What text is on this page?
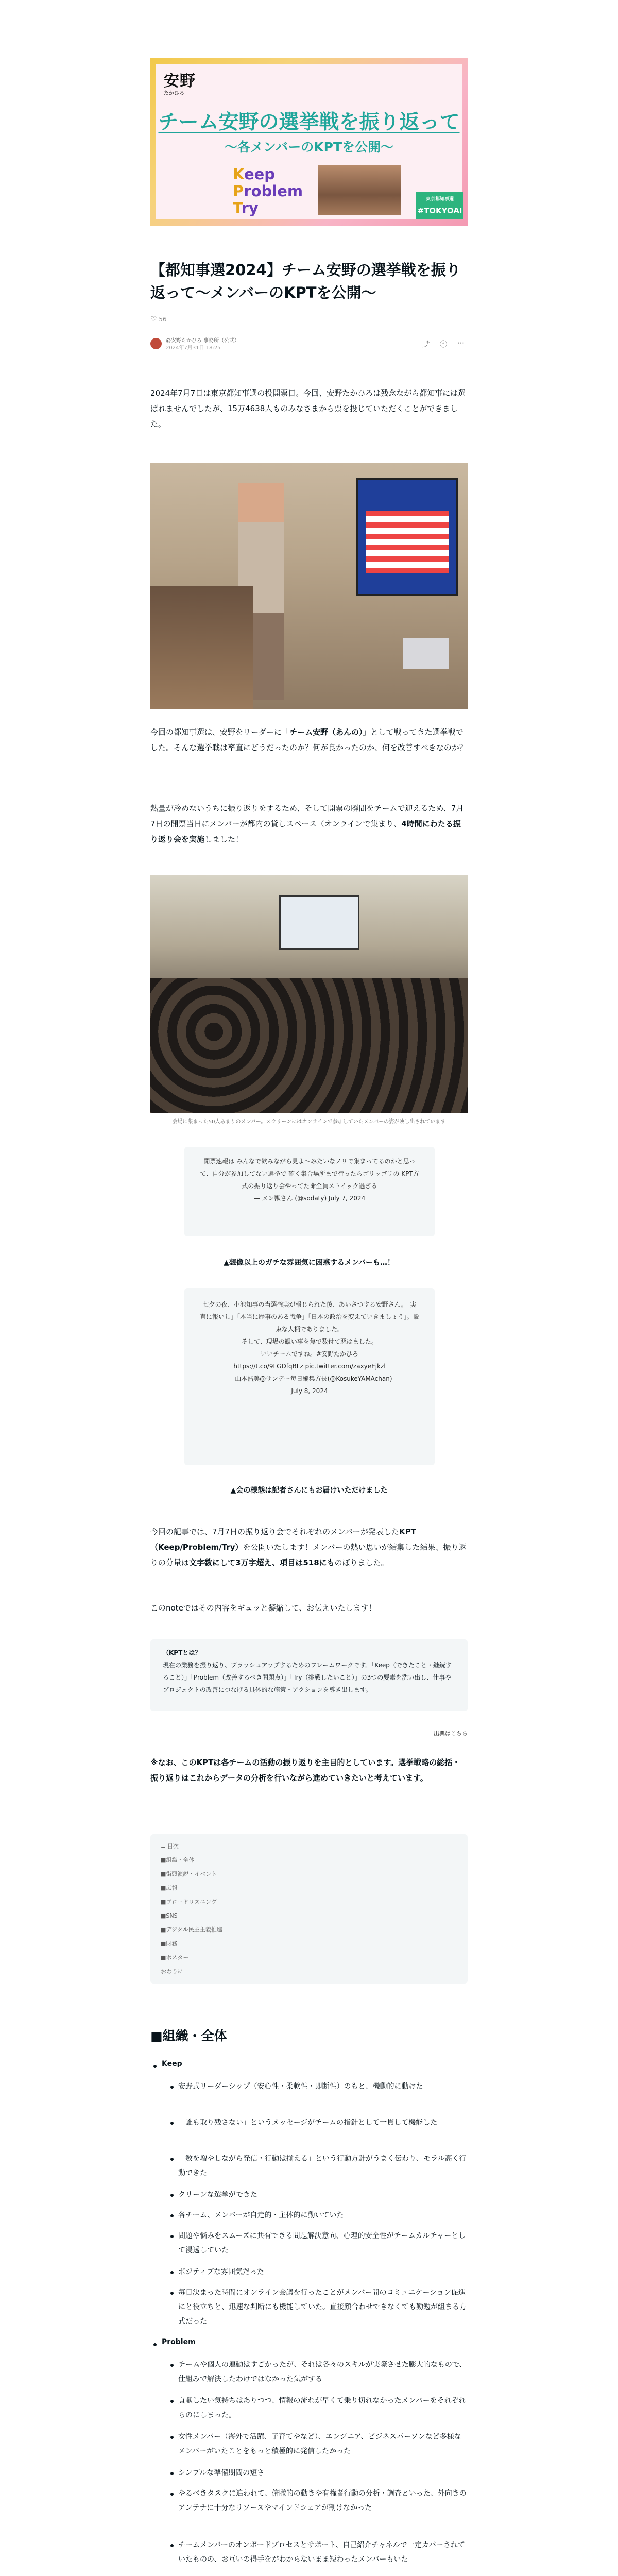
安野
たかひろ
チーム安野の選挙戦を振り返って
～各メンバーのKPTを公開～
Keep
Problem
Try	東京都知事選
#TOKYOAI
【都知事選2024】チーム安野の選挙戦を振り返って～メンバーのKPTを公開～
♡ 56
@安野たかひろ 事務所（公式）
2024年7月31日 18:25	⤴ ⓕ ⋯

2024年7月7日は東京都知事選の投開票日。今回、安野たかひろは残念ながら都知事には選ばれませんでしたが、15万4638人ものみなさまから票を投じていただくことができました。

今回の都知事選は、安野をリーダーに「チーム安野（あんの）」として戦ってきた選挙戦でした。そんな選挙戦は率直にどうだったのか？何が良かったのか、何を改善すべきなのか？

熱量が冷めないうちに振り返りをするため、そして開票の瞬間をチームで迎えるため、7月7日の開票当日にメンバーが都内の貸しスペース（オンラインで集まり、4時間にわたる振り返り会を実施しました！

会場に集まった50人あまりのメンバー。スクリーンにはオンラインで参加していたメンバーの姿が映し出されています
開票速報は みんなで飲みながら見よ〜みたいなノリで集まってるのかと思って、自分が参加してない選挙で 確く集合場所まで行ったらゴリッゴリの KPT方式の振り返り会やってた命全員ストイック過ぎる
— メン獣さん (@sodaty) July 7, 2024
▲想像以上のガチな雰囲気に困惑するメンバーも…！
七夕の夜、小池知事の当選確実が報じられた後、あいさつする安野さん。「実直に報いし」「本当に歴事のある戦争」「日本の政治を変えていきましょう」。説束な人柄でありました。
そして、現場の観い事を焦で数付て悪はました。
いいチームですね。#安野たかひろ
https://t.co/9LGDfqBLz pic.twitter.com/zaxyeEjkzl
— 山本浩美@サンデー毎日編集方長(@KosukeYAMAchan)
July 8, 2024
▲会の様態は記者さんにもお届けいただけました

今回の記事では、7月7日の振り返り会でそれぞれのメンバーが発表したKPT（Keep/Problem/Try）を公開いたします！メンバーの熱い思いが結集した結果、振り返りの分量は文字数にして3万字超え、項目は518にものぼりました。

このnoteではその内容をギュッと凝縮して、お伝えいたします！

（KPTとは？
現在の業務を振り返り、ブラッシュアップするためのフレームワークです。「Keep（できたこと・継続すること）」「Problem（改善するべき問題点）」「Try（挑戦したいこと）」の3つの要素を洗い出し、仕事やプロジェクトの改善につなげる具体的な施策・アクションを導き出します。
出典はこちら

※なお、このKPTは各チームの活動の振り返りを主目的としています。選挙戦略の総括・振り返りはこれからデータの分析を行いながら進めていきたいと考えています。

≡ 目次
■組織・全体
■街頭演説・イベント
■広報
■ブロードリスニング
■SNS
■デジタル民主主義推進
■財務
■ポスター
おわりに
■組織・全体
Keep
安野式リーダーシップ（安心性・柔軟性・即断性）のもと、機動的に動けた
「誰も取り残さない」というメッセージがチームの指針として一貫して機能した
「数を増やしながら発信・行動は揃える」という行動方針がうまく伝わり、モラル高く行動できた
クリーンな選挙ができた
各チーム、メンバーが自走的・主体的に動いていた
問題や悩みをスムーズに共有できる問題解決意向、心理的安全性がチームカルチャーとして浸透していた
ポジティブな雰囲気だった
毎日決まった時間にオンライン会議を行ったことがメンバー間のコミュニケーション促進にと役立ちと、迅速な判断にも機能していた。直接顔合わせできなくても勤勉が組まる方式だった
Problem
チームや個人の連動はすごかったが、それは各々のスキルが実際させた膨大的なもので、仕組みで解決したわけではなかった気がする
貢献したい気持ちはありつつ、情報の流れが早くて乗り切れなかったメンバーをそれぞれらのにしまった。
女性メンバー（海外で活躍、子育てやなど）、エンジニア、ビジネスパーソンなど多様なメンバーがいたことをもっと積極的に発信したかった
シンプルな準備期間の短さ
やるべきタスクに追われて、俯瞰的の動きや有権者行動の分析・調査といった、外向きのアンテナに十分なリソースやマインドシェアが割けなかった
チームメンバーのオンボードプロセスとサポート、自己紹介チャネルで一定カバーされていたものの、お互いの得手をがわからないまま短わったメンバーもいた
